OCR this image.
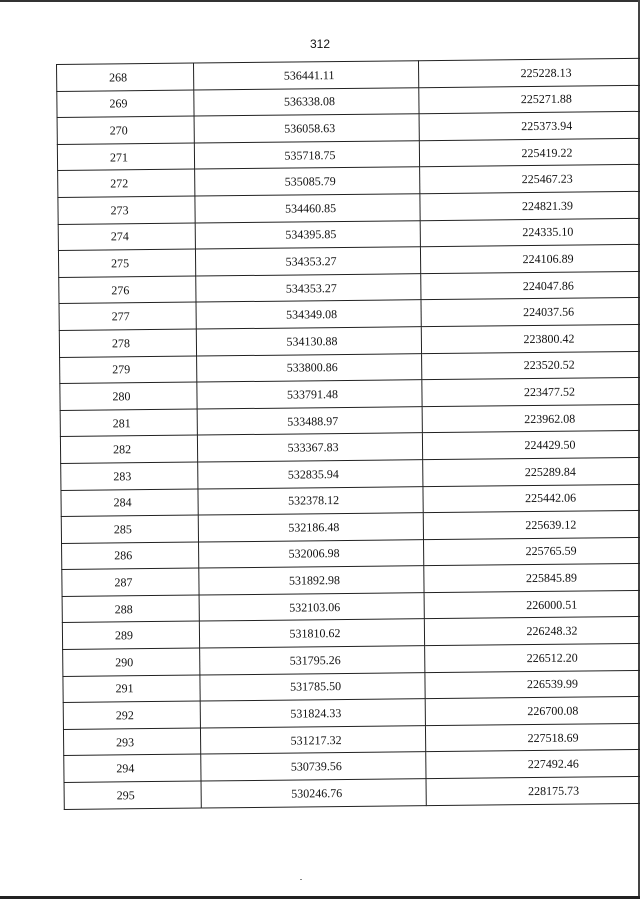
312
268	536441.11	225228.13
269	536338.08	225271.88
270	536058.63	225373.94
271	535718.75	225419.22
272	535085.79	225467.23
273	534460.85	224821.39
274	534395.85	224335.10
275	534353.27	224106.89
276	534353.27	224047.86
277	534349.08	224037.56
278	534130.88	223800.42
279	533800.86	223520.52
280	533791.48	223477.52
281	533488.97	223962.08
282	533367.83	224429.50
283	532835.94	225289.84
284	532378.12	225442.06
285	532186.48	225639.12
286	532006.98	225765.59
287	531892.98	225845.89
288	532103.06	226000.51
289	531810.62	226248.32
290	531795.26	226512.20
291	531785.50	226539.99
292	531824.33	226700.08
293	531217.32	227518.69
294	530739.56	227492.46
295	530246.76	228175.73
